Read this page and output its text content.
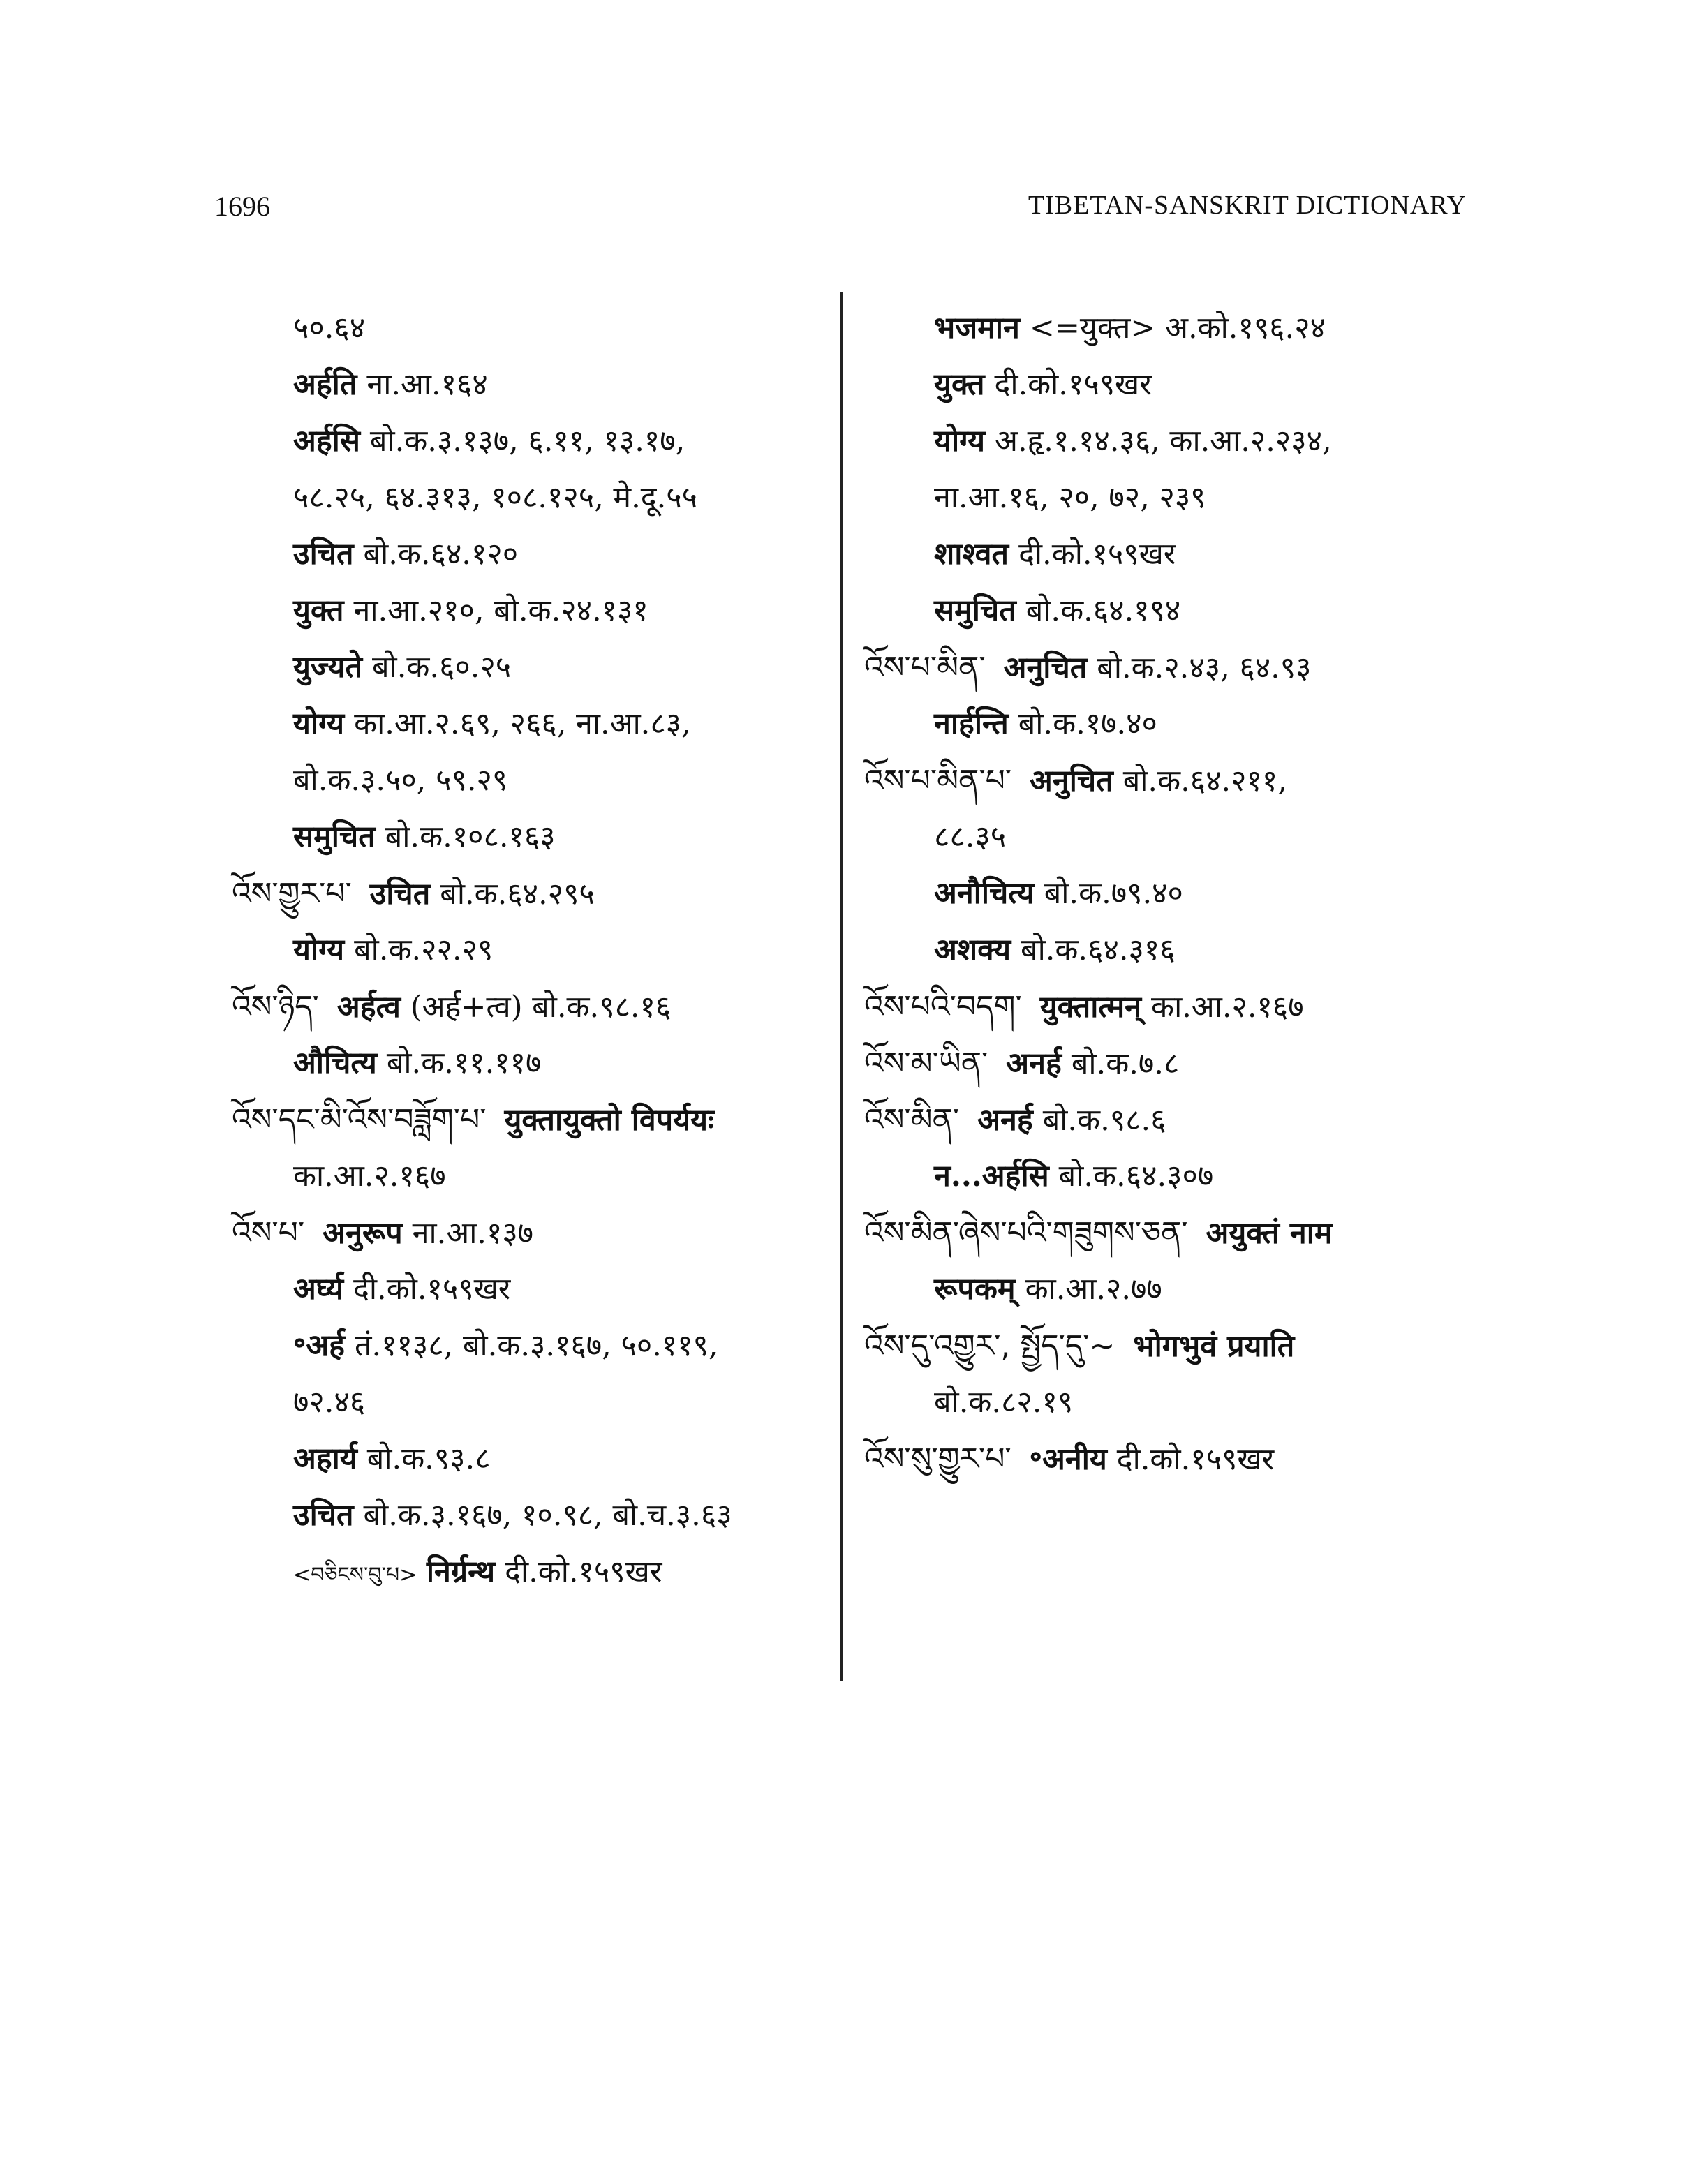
1696	TIBETAN-SANSKRIT DICTIONARY
५०.६४
अर्हति ना.आ.१६४
अर्हसि बो.क.३.१३७, ६.११, १३.१७,
५८.२५, ६४.३१३, १०८.१२५, मे.दू.५५
उचित बो.क.६४.१२०
युक्त ना.आ.२१०, बो.क.२४.१३१
युज्यते बो.क.६०.२५
योग्य का.आ.२.६९, २६६, ना.आ.८३,
बो.क.३.५०, ५९.२९
समुचित बो.क.१०८.१६३
འོས་གྱུར་པ་ उचित बो.क.६४.२९५
योग्य बो.क.२२.२९
འོས་ཉིད་ अर्हत्व (अर्ह+त्व) बो.क.९८.१६
औचित्य बो.क.११.११७
འོས་དང་མི་འོས་བཟློག་པ་ युक्तायुक्तो विपर्ययः
का.आ.२.१६७
འོས་པ་ अनुरूप ना.आ.१३७
अर्घ्य दी.को.१५९खर
॰अर्ह तं.११३८, बो.क.३.१६७, ५०.११९,
७२.४६
अहार्य बो.क.९३.८
उचित बो.क.३.१६७, १०.९८, बो.च.३.६३
<བཅིངས་བུ་པ> निर्ग्रन्थ दी.को.१५९खर
भजमान <=युक्त> अ.को.१९६.२४
युक्त दी.को.१५९खर
योग्य अ.हृ.१.१४.३६, का.आ.२.२३४,
ना.आ.१६, २०, ७२, २३९
शाश्वत दी.को.१५९खर
समुचित बो.क.६४.१९४
འོས་པ་མིན་ अनुचित बो.क.२.४३, ६४.९३
नार्हन्ति बो.क.१७.४०
འོས་པ་མིན་པ་ अनुचित बो.क.६४.२११,
८८.३५
अनौचित्य बो.क.७९.४०
अशक्य बो.क.६४.३१६
འོས་པའི་བདག་ युक्तात्मन् का.आ.२.१६७
འོས་མ་ཡིན་ अनर्ह बो.क.७.८
འོས་མིན་ अनर्ह बो.क.९८.६
न...अर्हसि बो.क.६४.३०७
འོས་མིན་ཞེས་པའི་གཟུགས་ཅན་ अयुक्तं नाम
रूपकम् का.आ.२.७७
འོས་དུ་འགྱུར་, སྤྱོད་དུ་~ भोगभुवं प्रयाति
बो.क.८२.१९
འོས་སུ་གྱུར་པ་ ॰अनीय दी.को.१५९खर
